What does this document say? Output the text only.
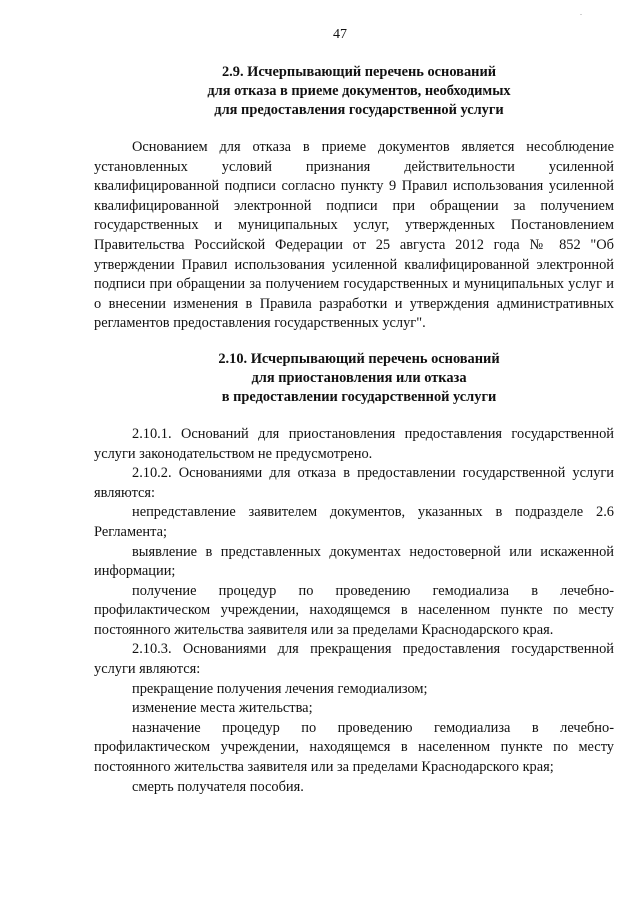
.
47
2.9. Исчерпывающий перечень оснований
для отказа в приеме документов, необходимых
для предоставления государственной услуги

Основанием для отказа в приеме документов является несоблюдение установленных условий признания действительности усиленной квалифицированной подписи согласно пункту 9 Правил использования усиленной квалифицированной электронной подписи при обращении за получением государственных и муниципальных услуг, утвержденных Постановлением Правительства Российской Федерации от 25 августа 2012 года № 852 "Об утверждении Правил использования усиленной квалифицированной электронной подписи при обращении за получением государственных и муниципальных услуг и о внесении изменения в Правила разработки и утверждения административных регламентов предоставления государственных услуг".

2.10. Исчерпывающий перечень оснований
для приостановления или отказа
в предоставлении государственной услуги

2.10.1. Оснований для приостановления предоставления государственной услуги законодательством не предусмотрено.

2.10.2. Основаниями для отказа в предоставлении государственной услуги являются:

непредставление заявителем документов, указанных в подразделе 2.6 Регламента;

выявление в представленных документах недостоверной или искаженной информации;

получение процедур по проведению гемодиализа в лечебно-профилактическом учреждении, находящемся в населенном пункте по месту постоянного жительства заявителя или за пределами Краснодарского края.

2.10.3. Основаниями для прекращения предоставления государственной услуги являются:

прекращение получения лечения гемодиализом;

изменение места жительства;

назначение процедур по проведению гемодиализа в лечебно-профилактическом учреждении, находящемся в населенном пункте по месту постоянного жительства заявителя или за пределами Краснодарского края;

смерть получателя пособия.
